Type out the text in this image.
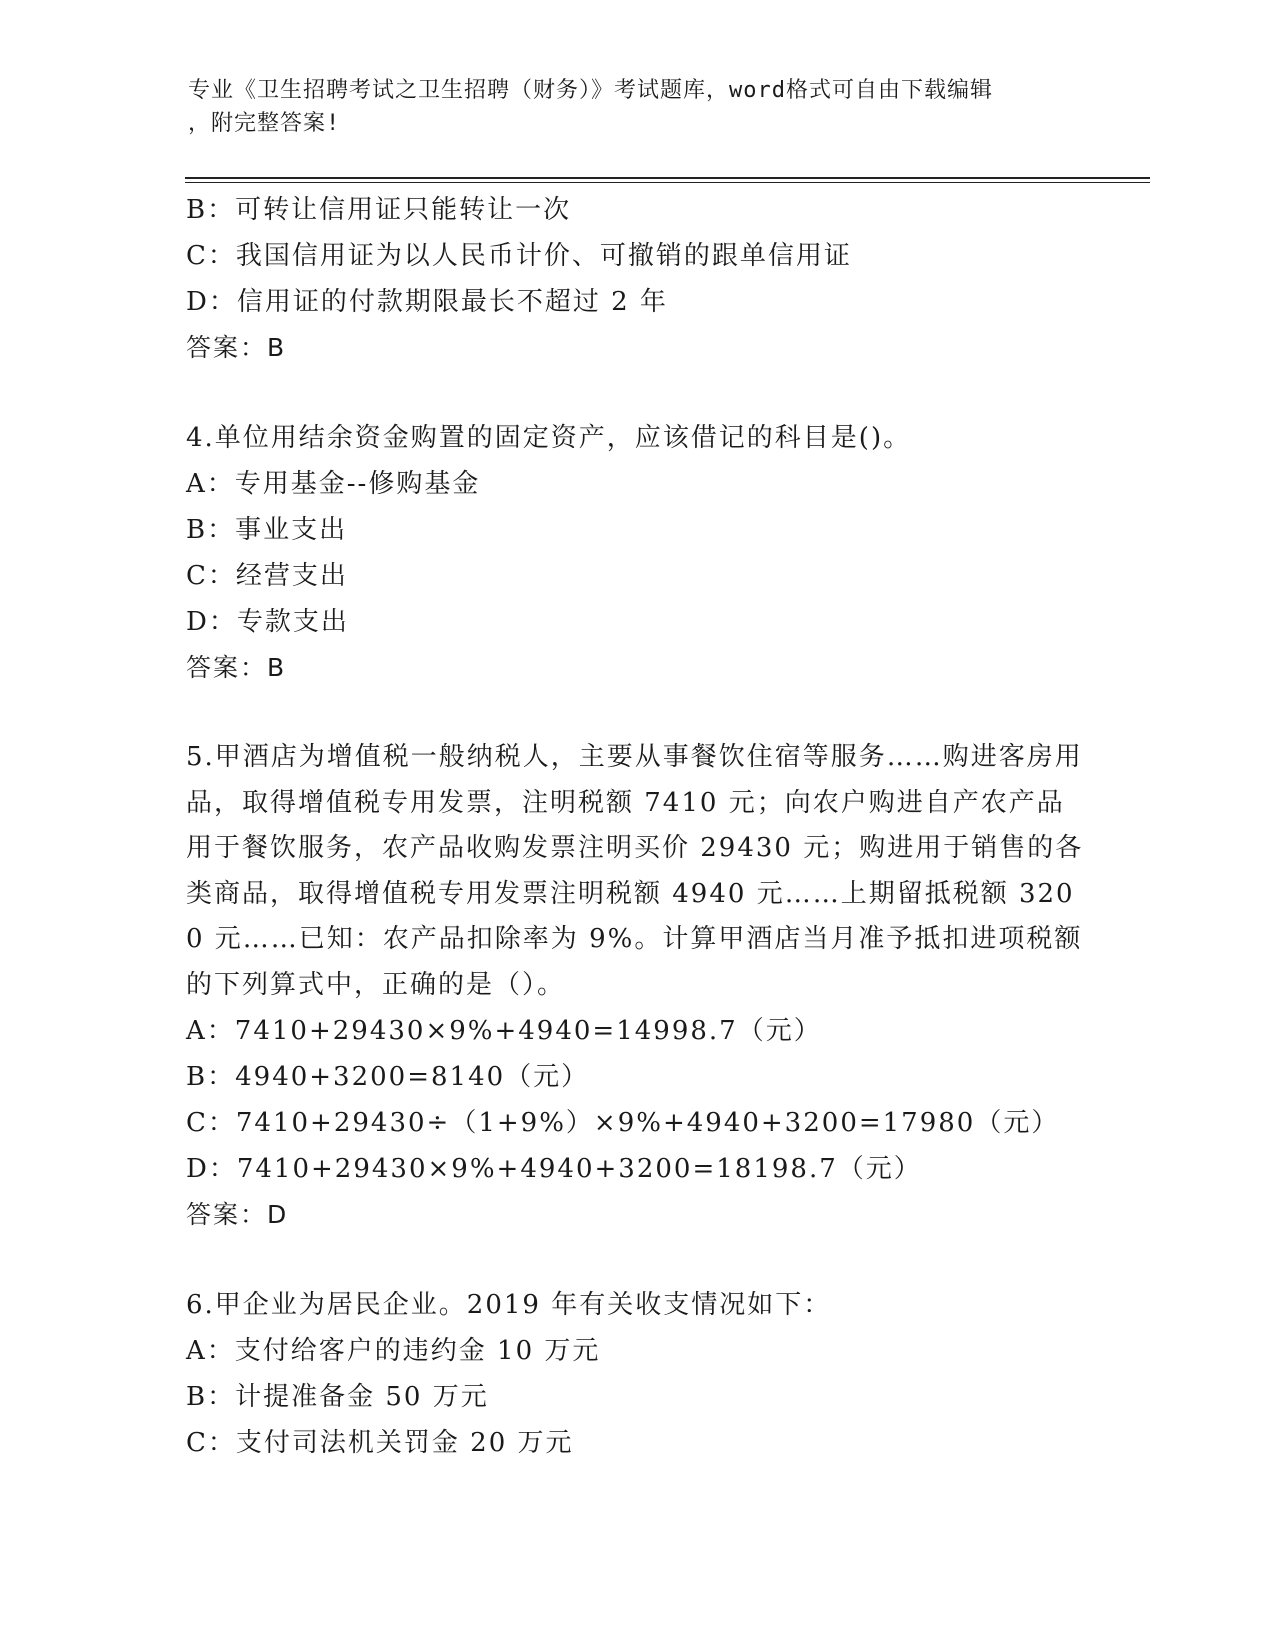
专业《卫生招聘考试之卫生招聘（财务）》考试题库，word格式可自由下载编辑
，附完整答案!
B：可转让信用证只能转让一次
C：我国信用证为以人民币计价、可撤销的跟单信用证
D：信用证的付款期限最长不超过 2 年
答案：B
4.单位用结余资金购置的固定资产，应该借记的科目是()。
A：专用基金--修购基金
B：事业支出
C：经营支出
D：专款支出
答案：B
5.甲酒店为增值税一般纳税人，主要从事餐饮住宿等服务……购进客房用品，取得增值税专用发票，注明税额 7410 元；向农户购进自产农产品用于餐饮服务，农产品收购发票注明买价 29430 元；购进用于销售的各类商品，取得增值税专用发票注明税额 4940 元……上期留抵税额 3200 元……已知：农产品扣除率为 9%。计算甲酒店当月准予抵扣进项税额的下列算式中，正确的是（）。
A：7410+29430×9%+4940=14998.7（元）
B：4940+3200=8140（元）
C：7410+29430÷（1+9%）×9%+4940+3200=17980（元）
D：7410+29430×9%+4940+3200=18198.7（元）
答案：D
6.甲企业为居民企业。2019 年有关收支情况如下：
A：支付给客户的违约金 10 万元
B：计提准备金 50 万元
C：支付司法机关罚金 20 万元
